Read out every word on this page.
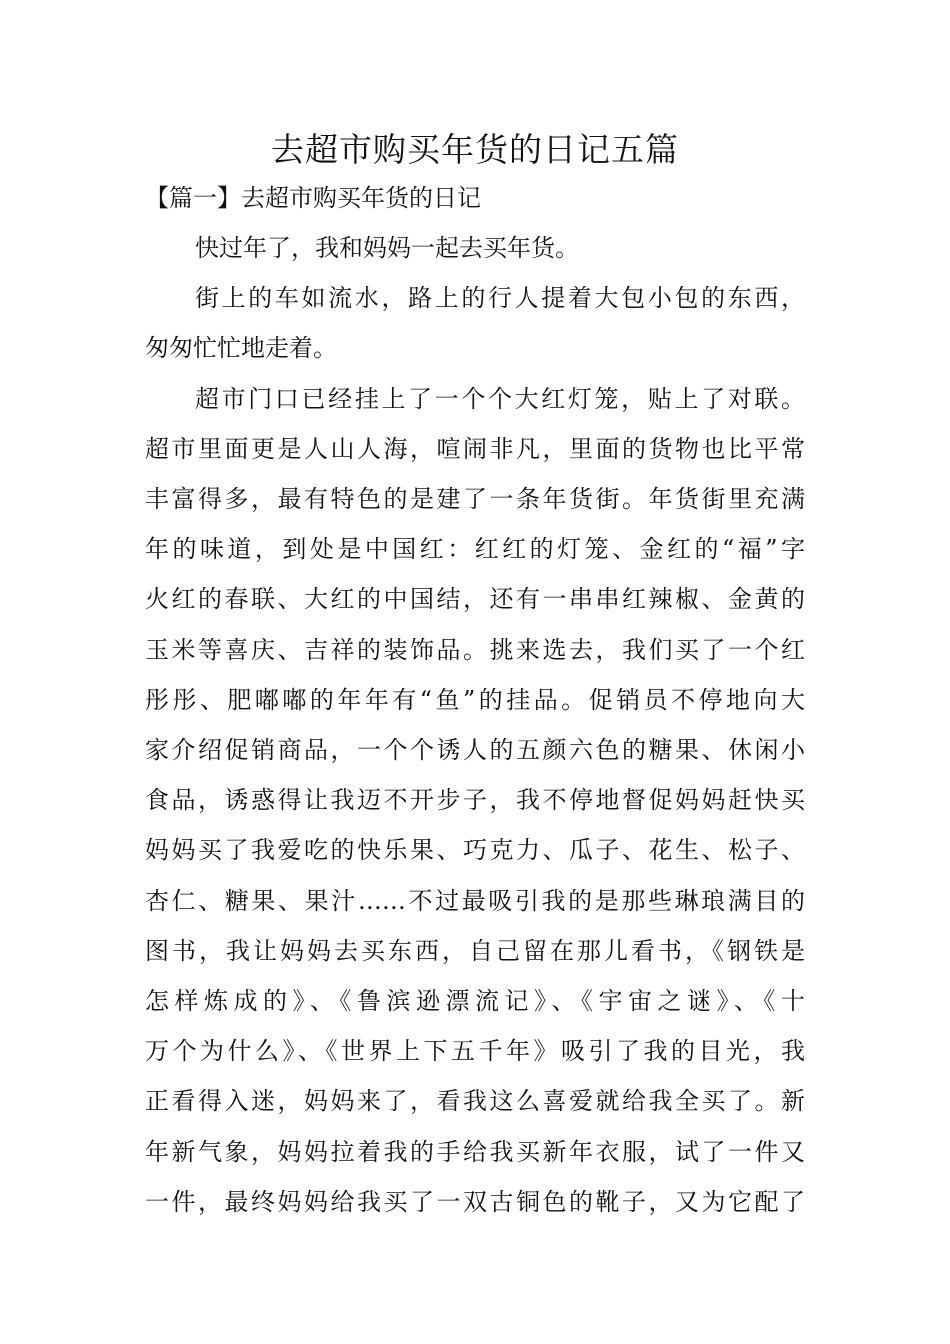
去超市购买年货的日记五篇

【篇一】去超市购买年货的日记

快过年了，我和妈妈一起去买年货。
街上的车如流水，路上的行人提着大包小包的东西，
匆匆忙忙地走着。
超市门口已经挂上了一个个大红灯笼，贴上了对联。
超市里面更是人山人海，喧闹非凡，里面的货物也比平常
丰富得多，最有特色的是建了一条年货街。年货街里充满
年的味道，到处是中国红：红红的灯笼、金红的“福”字
火红的春联、大红的中国结，还有一串串红辣椒、金黄的
玉米等喜庆、吉祥的装饰品。挑来选去，我们买了一个红
彤彤、肥嘟嘟的年年有“鱼”的挂品。促销员不停地向大
家介绍促销商品，一个个诱人的五颜六色的糖果、休闲小
食品，诱惑得让我迈不开步子，我不停地督促妈妈赶快买
妈妈买了我爱吃的快乐果、巧克力、瓜子、花生、松子、
杏仁、糖果、果汁……不过最吸引我的是那些琳琅满目的
图书，我让妈妈去买东西，自己留在那儿看书，《钢铁是
怎样炼成的》、《鲁滨逊漂流记》、《宇宙之谜》、《十
万个为什么》、《世界上下五千年》吸引了我的目光，我
正看得入迷，妈妈来了，看我这么喜爱就给我全买了。新
年新气象，妈妈拉着我的手给我买新年衣服，试了一件又
一件，最终妈妈给我买了一双古铜色的靴子，又为它配了
